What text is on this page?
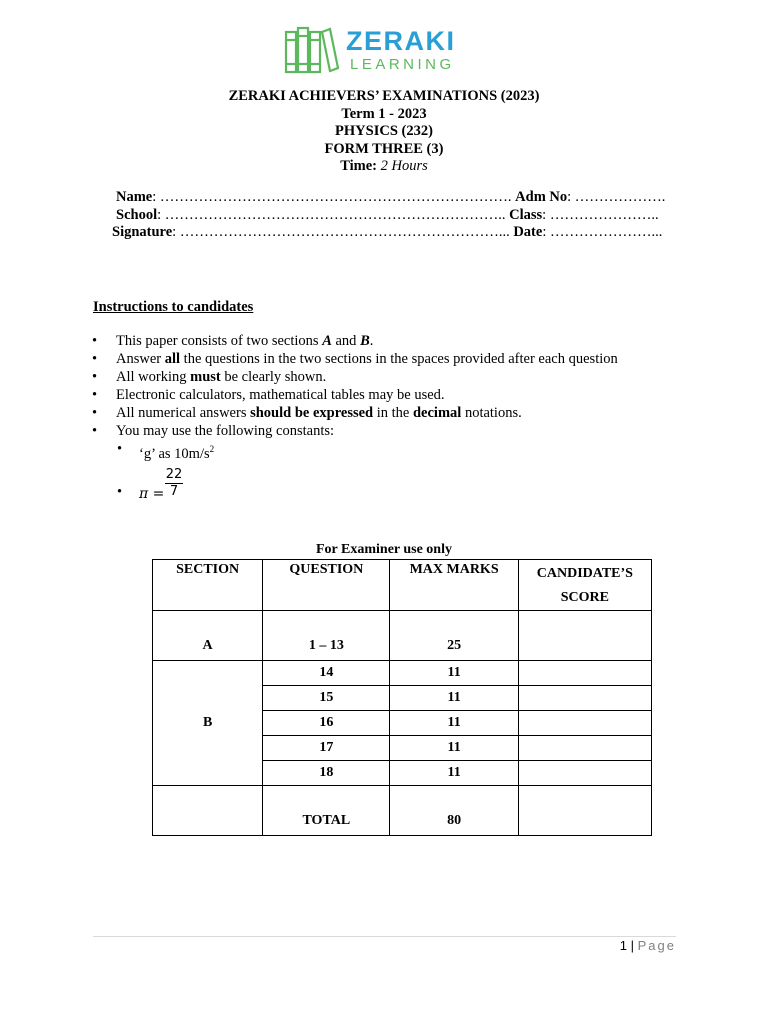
ZERAKI
LEARNING
ZERAKI ACHIEVERS’ EXAMINATIONS (2023)
Term 1 - 2023
PHYSICS (232)
FORM THREE (3)
Time: 2 Hours
Name: ………………………………………………………………. Adm No: ……………….
School: …………………………………………………………….. Class: …………………..
Signature: …………………………………………………………... Date: …………………...
Instructions to candidates
• This paper consists of two sections A and B.
• Answer all the questions in the two sections in the spaces provided after each question
• All working must be clearly shown.
• Electronic calculators, mathematical tables may be used.
• All numerical answers should be expressed in the decimal notations.
• You may use the following constants:
• ‘g’ as $10m/s^2$
• $\pi = \frac{22}{7}$
For Examiner use only
SECTION	QUESTION	MAX MARKS	CANDIDATE’S SCORE
A	1 – 13	25	
B	14	11	
	15	11	
	16	11	
	17	11	
	18	11	
	TOTAL	80	
1 | Page
